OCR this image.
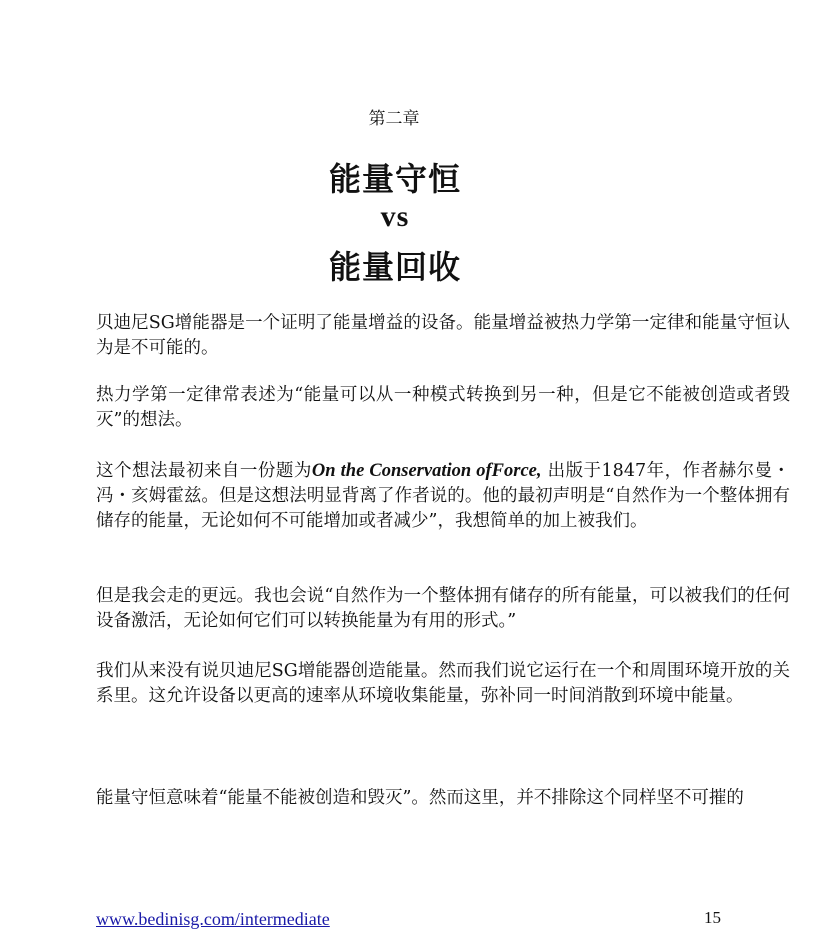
第二章
能量守恒
vs
能量回收

贝迪尼SG增能器是一个证明了能量增益的设备。能量增益被热力学第一定律和能量守恒认为是不可能的。

热力学第一定律常表述为“能量可以从一种模式转换到另一种，但是它不能被创造或者毁灭”的想法。

这个想法最初来自一份题为On the Conservation ofForce, 出版于1847年，作者赫尔曼・冯・亥姆霍兹。但是这想法明显背离了作者说的。他的最初声明是“自然作为一个整体拥有储存的能量，无论如何不可能增加或者减少”，我想简单的加上被我们。

但是我会走的更远。我也会说“自然作为一个整体拥有储存的所有能量，可以被我们的任何设备激活，无论如何它们可以转换能量为有用的形式。”

我们从来没有说贝迪尼SG增能器创造能量。然而我们说它运行在一个和周围环境开放的关系里。这允许设备以更高的速率从环境收集能量，弥补同一时间消散到环境中能量。

能量守恒意味着“能量不能被创造和毁灭”。然而这里，并不排除这个同样坚不可摧的

www.bedinisg.com/intermediate	15
